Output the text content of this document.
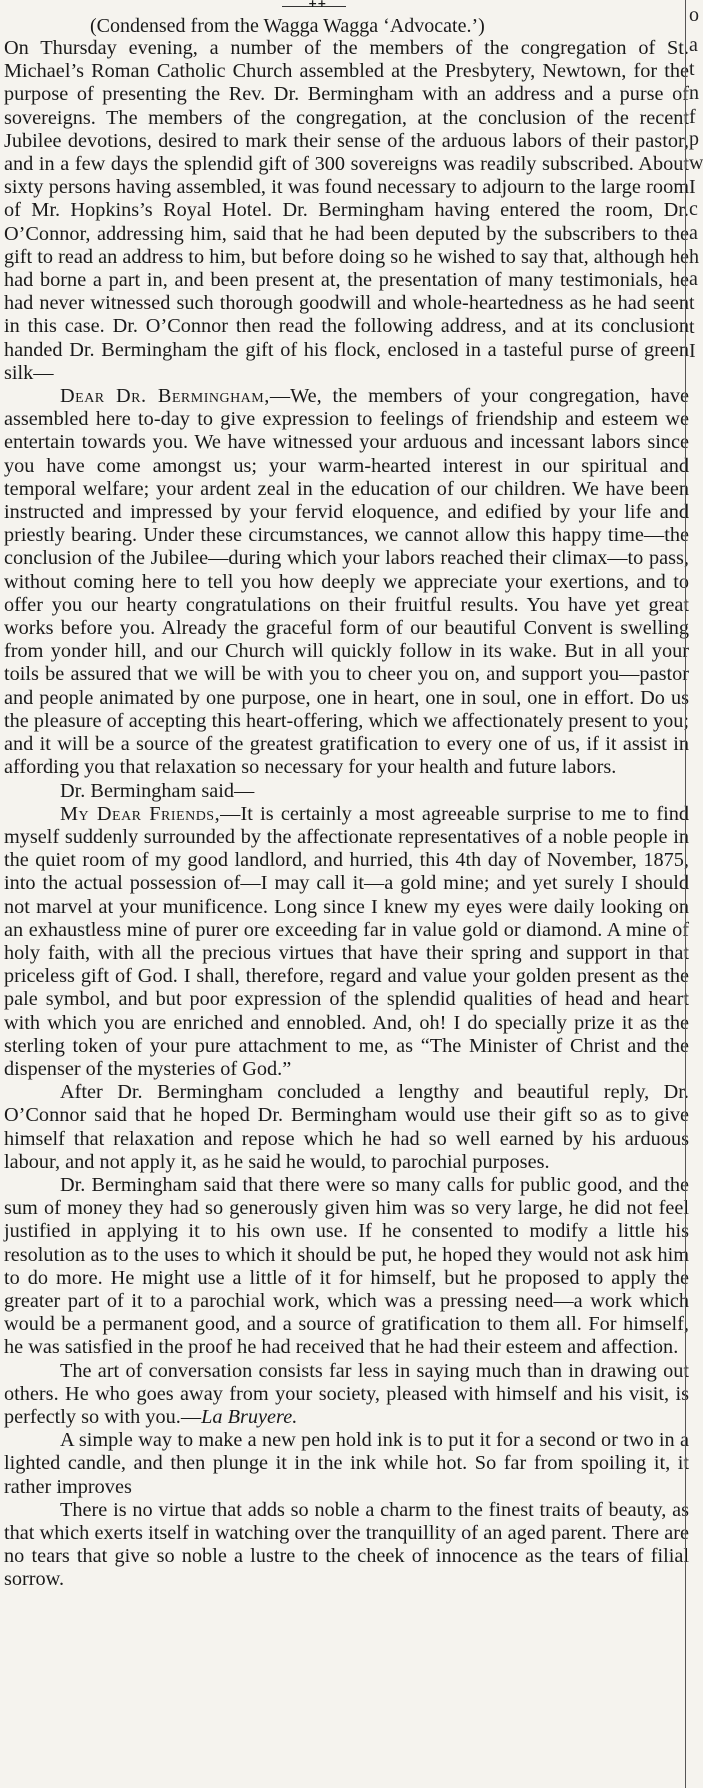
++
(Condensed from the Wagga Wagga ‘Advocate.’)

On Thursday evening, a number of the members of the congregation of St. Michael’s Roman Catholic Church assembled at the Presbytery, Newtown, for the purpose of presenting the Rev. Dr. Bermingham with an address and a purse of sovereigns. The members of the congregation, at the conclusion of the recent Jubilee devotions, desired to mark their sense of the arduous labors of their pastor, and in a few days the splendid gift of 300 sovereigns was readily subscribed. About sixty persons having assembled, it was found necessary to adjourn to the large room of Mr. Hopkins’s Royal Hotel. Dr. Bermingham having entered the room, Dr. O’Connor, addressing him, said that he had been deputed by the subscribers to the gift to read an address to him, but before doing so he wished to say that, although he had borne a part in, and been present at, the presentation of many testimonials, he had never witnessed such thorough goodwill and whole-heartedness as he had seen in this case. Dr. O’Connor then read the following address, and at its conclusion handed Dr. Bermingham the gift of his flock, enclosed in a tasteful purse of green silk—

Dear Dr. Bermingham,—We, the members of your congregation, have assembled here to-day to give expression to feelings of friendship and esteem we entertain towards you. We have witnessed your arduous and incessant labors since you have come amongst us; your warm-hearted interest in our spiritual and temporal welfare; your ardent zeal in the education of our children. We have been instructed and impressed by your fervid eloquence, and edified by your life and priestly bearing. Under these circumstances, we cannot allow this happy time—the conclusion of the Jubilee—during which your labors reached their climax—to pass, without coming here to tell you how deeply we appreciate your exertions, and to offer you our hearty congratulations on their fruitful results. You have yet great works before you. Already the graceful form of our beautiful Convent is swelling from yonder hill, and our Church will quickly follow in its wake. But in all your toils be assured that we will be with you to cheer you on, and support you—pastor and people animated by one purpose, one in heart, one in soul, one in effort. Do us the pleasure of accepting this heart-offering, which we affectionately present to you; and it will be a source of the greatest gratification to every one of us, if it assist in affording you that relaxation so necessary for your health and future labors.

Dr. Bermingham said—

My Dear Friends,—It is certainly a most agreeable surprise to me to find myself suddenly surrounded by the affectionate representatives of a noble people in the quiet room of my good landlord, and hurried, this 4th day of November, 1875, into the actual possession of—I may call it—a gold mine; and yet surely I should not marvel at your munificence. Long since I knew my eyes were daily looking on an exhaustless mine of purer ore exceeding far in value gold or diamond. A mine of holy faith, with all the precious virtues that have their spring and support in that priceless gift of God. I shall, therefore, regard and value your golden present as the pale symbol, and but poor expression of the splendid qualities of head and heart with which you are enriched and ennobled. And, oh! I do specially prize it as the sterling token of your pure attachment to me, as “The Minister of Christ and the dispenser of the mysteries of God.”

After Dr. Bermingham concluded a lengthy and beautiful reply, Dr. O’Connor said that he hoped Dr. Bermingham would use their gift so as to give himself that relaxation and repose which he had so well earned by his arduous labour, and not apply it, as he said he would, to parochial purposes.

Dr. Bermingham said that there were so many calls for public good, and the sum of money they had so generously given him was so very large, he did not feel justified in applying it to his own use. If he consented to modify a little his resolution as to the uses to which it should be put, he hoped they would not ask him to do more. He might use a little of it for himself, but he proposed to apply the greater part of it to a parochial work, which was a pressing need—a work which would be a permanent good, and a source of gratification to them all. For himself, he was satisfied in the proof he had received that he had their esteem and affection.

The art of conversation consists far less in saying much than in drawing out others. He who goes away from your society, pleased with himself and his visit, is perfectly so with you.—La Bruyere.

A simple way to make a new pen hold ink is to put it for a second or two in a lighted candle, and then plunge it in the ink while hot. So far from spoiling it, it rather improves

There is no virtue that adds so noble a charm to the finest traits of beauty, as that which exerts itself in watching over the tranquillity of an aged parent. There are no tears that give so noble a lustre to the cheek of innocence as the tears of filial sorrow.

o
a
t
n
f
p
w
I
c
a
h
a
t
t
I
